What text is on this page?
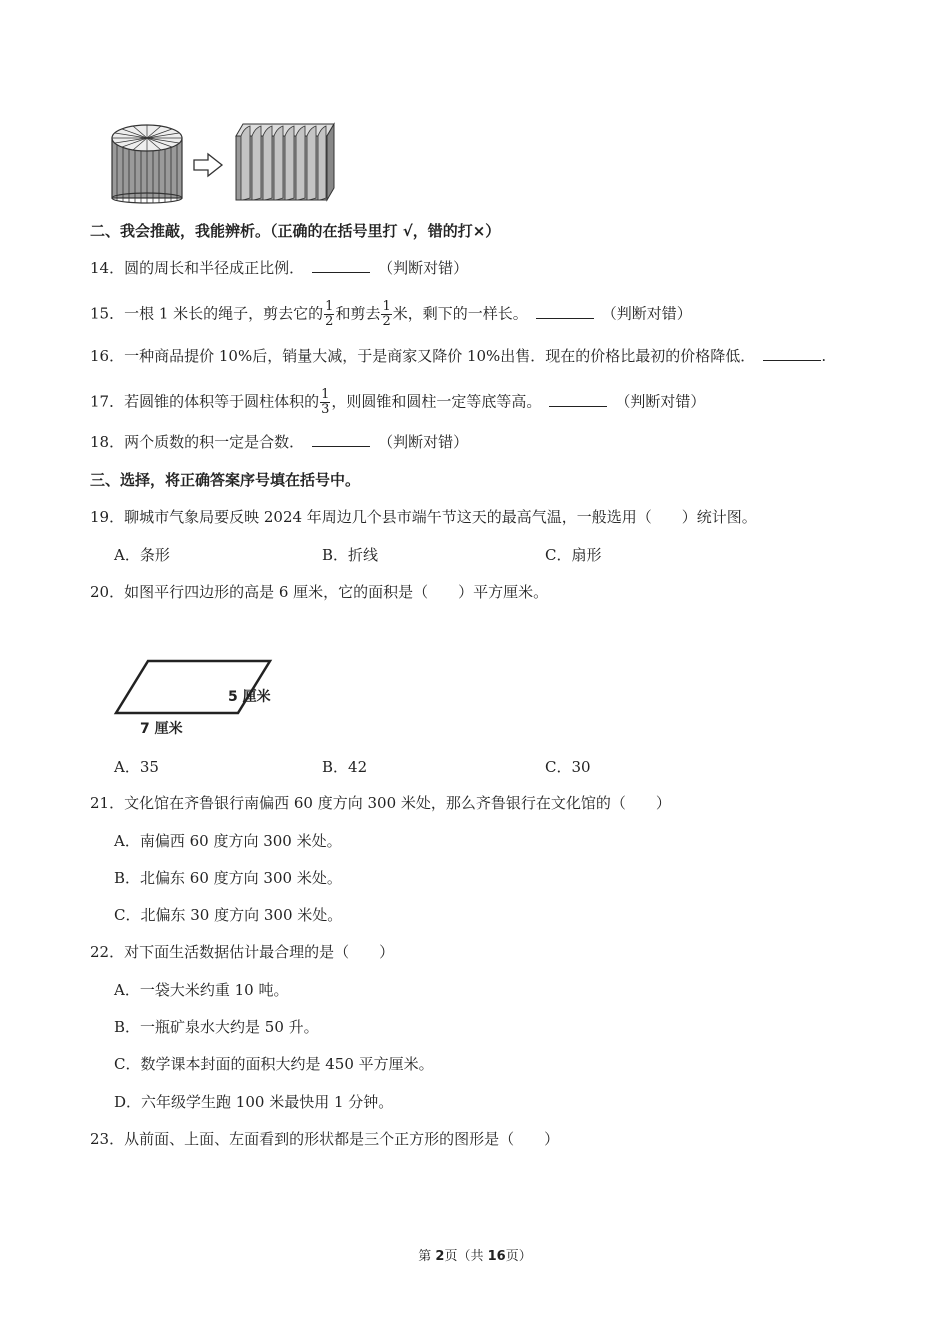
二、我会推敲，我能辨析。（正确的在括号里打 √，错的打×）
14．圆的周长和半径成正比例．	（判断对错）
15．一根 1 米长的绳子，剪去它的 $\frac{1}{2}$ 和剪去 $\frac{1}{2}$ 米，剩下的一样长。	（判断对错）
16．一种商品提价 10%后，销量大减，于是商家又降价 10%出售．现在的价格比最初的价格降低．	.
17．若圆锥的体积等于圆柱体积的 $\frac{1}{3}$ ，则圆锥和圆柱一定等底等高。	（判断对错）
18．两个质数的积一定是合数．	（判断对错）
三、选择，将正确答案序号填在括号中。
19．聊城市气象局要反映 2024 年周边几个县市端午节这天的最高气温，一般选用（　　）统计图。
A．条形	B．折线	C．扇形
20．如图平行四边形的高是 6 厘米，它的面积是（　　）平方厘米。
5 厘米
7 厘米
A．35	B．42	C．30
21．文化馆在齐鲁银行南偏西 60 度方向 300 米处，那么齐鲁银行在文化馆的（　　）
A．南偏西 60 度方向 300 米处。
B．北偏东 60 度方向 300 米处。
C．北偏东 30 度方向 300 米处。
22．对下面生活数据估计最合理的是（　　）
A．一袋大米约重 10 吨。
B．一瓶矿泉水大约是 50 升。
C．数学课本封面的面积大约是 450 平方厘米。
D．六年级学生跑 100 米最快用 1 分钟。
23．从前面、上面、左面看到的形状都是三个正方形的图形是（　　）
第 2页（共 16页）
